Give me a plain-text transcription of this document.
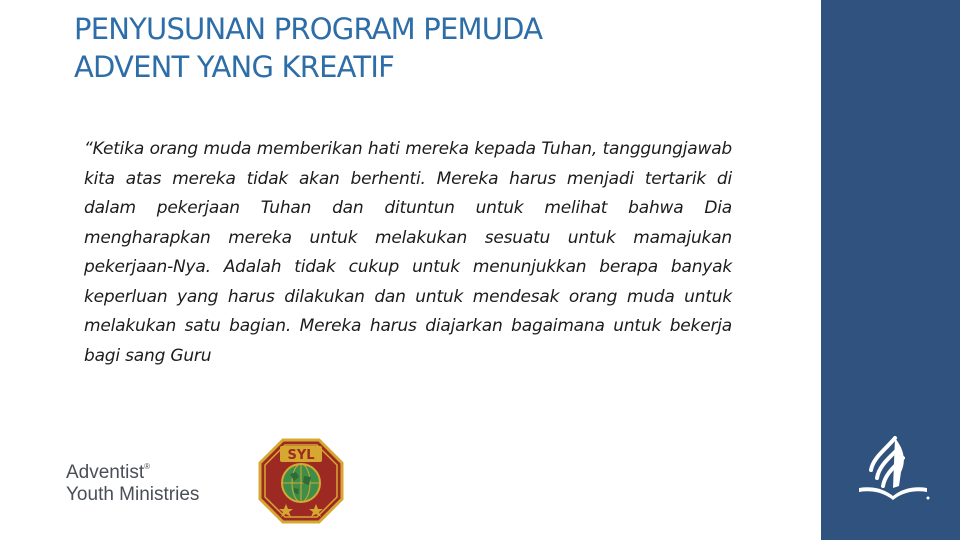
PENYUSUNAN PROGRAM PEMUDA
ADVENT YANG KREATIF

“Ketika orang muda memberikan hati mereka kepada Tuhan, tanggungjawab kita atas mereka tidak akan berhenti. Mereka harus menjadi tertarik di dalam pekerjaan Tuhan dan dituntun untuk melihat bahwa Dia mengharapkan mereka untuk melakukan sesuatu untuk mamajukan pekerjaan-Nya. Adalah tidak cukup untuk menunjukkan berapa banyak keperluan yang harus dilakukan dan untuk mendesak orang muda untuk melakukan satu bagian. Mereka harus diajarkan bagaimana untuk bekerja bagi sang Guru

Adventist®
Youth Ministries
SYL
